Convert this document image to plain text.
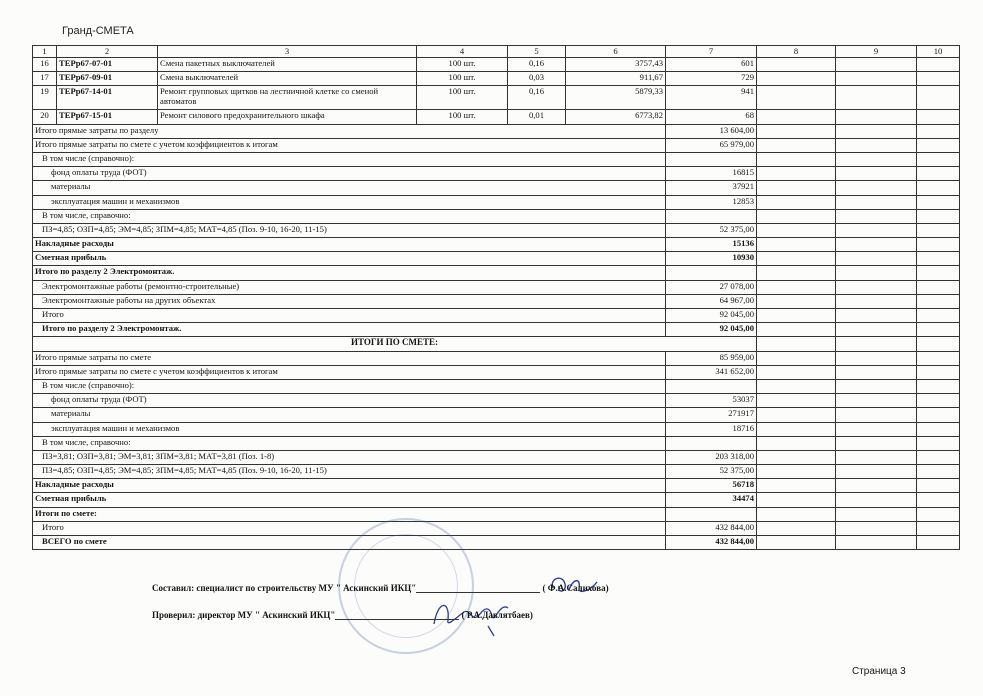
Гранд-СМЕТА
1	2	3	4	5	6	7	8	9	10
16	ТЕРр67-07-01	Смена пакетных выключателей	100 шт.	0,16	3757,43	601			
17	ТЕРр67-09-01	Смена выключателей	100 шт.	0,03	911,67	729			
19	ТЕРр67-14-01	Ремонт групповых щитков на лестничной клетке со сменой автоматов	100 шт.	0,16	5879,33	941			
20	ТЕРр67-15-01	Ремонт силового предохранительного шкафа	100 шт.	0,01	6773,82	68			
Итого прямые затраты по разделу						13 604,00			
Итого прямые затраты по смете с учетом коэффициентов к итогам						65 979,00			
В том числе (справочно):									
фонд оплаты труда (ФОТ)						16815			
материалы						37921			
эксплуатация машин и механизмов						12853			
В том числе, справочно:									
ПЗ=4,85; ОЗП=4,85; ЭМ=4,85; ЗПМ=4,85; МАТ=4,85 (Поз. 9-10, 16-20, 11-15)						52 375,00			
Накладные расходы						15136			
Сметная прибыль						10930			
Итого по разделу 2 Электромонтаж.									
Электромонтажные работы (ремонтно-строительные)						27 078,00			
Электромонтажные работы на других объектах						64 967,00			
Итого						92 045,00			
Итого по разделу 2 Электромонтаж.						92 045,00			
ИТОГИ ПО СМЕТЕ:									
Итого прямые затраты по смете						85 959,00			
Итого прямые затраты по смете с учетом коэффициентов к итогам						341 652,00			
В том числе (справочно):									
фонд оплаты труда (ФОТ)						53037			
материалы						271917			
эксплуатация машин и механизмов						18716			
В том числе, справочно:									
ПЗ=3,81; ОЗП=3,81; ЭМ=3,81; ЗПМ=3,81; МАТ=3,81 (Поз. 1-8)						203 318,00			
ПЗ=4,85; ОЗП=4,85; ЭМ=4,85; ЗПМ=4,85; МАТ=4,85 (Поз. 9-10, 16-20, 11-15)						52 375,00			
Накладные расходы						56718			
Сметная прибыль						34474			
Итоги по смете:									
Итого						432 844,00			
ВСЕГО по смете						432 844,00			
Составил: специалист по строительству МУ " Аскинский ИКЦ"	( Ф.А.Салихова)
Проверил: директор МУ " Аскинский ИКЦ"	( Р.А.Давлятбаев)
Страница 3
